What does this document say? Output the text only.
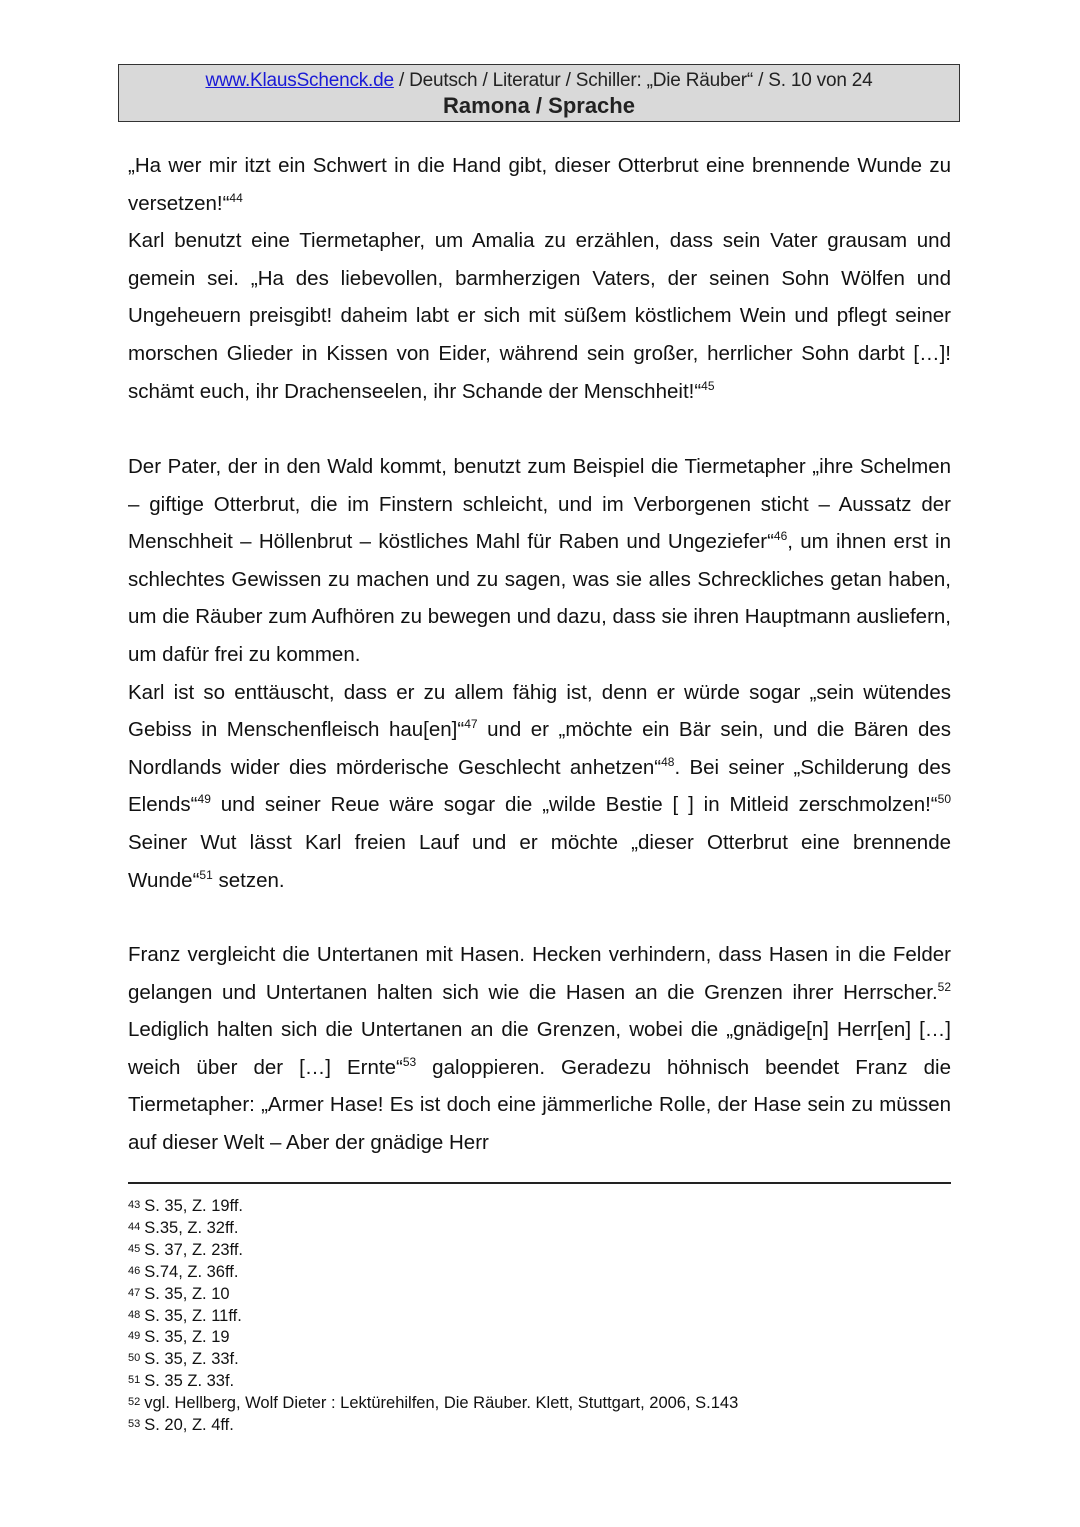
www.KlausSchenck.de / Deutsch / Literatur / Schiller: „Die Räuber“ / S. 10 von 24
Ramona / Sprache

„Ha wer mir itzt ein Schwert in die Hand gibt, dieser Otterbrut eine brennende Wunde zu versetzen!“$^{44}$

Karl benutzt eine Tiermetapher, um Amalia zu erzählen, dass sein Vater grausam und gemein sei. „Ha des liebevollen, barmherzigen Vaters, der seinen Sohn Wölfen und Ungeheuern preisgibt! daheim labt er sich mit süßem köstlichem Wein und pflegt seiner morschen Glieder in Kissen von Eider, während sein großer, herrlicher Sohn darbt […]! schämt euch, ihr Drachenseelen, ihr Schande der Menschheit!“$^{45}$

Der Pater, der in den Wald kommt, benutzt zum Beispiel die Tiermetapher „ihre Schelmen – giftige Otterbrut, die im Finstern schleicht, und im Verborgenen sticht – Aussatz der Menschheit – Höllenbrut – köstliches Mahl für Raben und Ungeziefer“$^{46}$, um ihnen erst in schlechtes Gewissen zu machen und zu sagen, was sie alles Schreckliches getan haben, um die Räuber zum Aufhören zu bewegen und dazu, dass sie ihren Hauptmann ausliefern, um dafür frei zu kommen.

Karl ist so enttäuscht, dass er zu allem fähig ist, denn er würde sogar „sein wütendes Gebiss in Menschenfleisch hau[en]“$^{47}$ und er „möchte ein Bär sein, und die Bären des Nordlands wider dies mörderische Geschlecht anhetzen“$^{48}$. Bei seiner „Schilderung des Elends“$^{49}$ und seiner Reue wäre sogar die „wilde Bestie [ ] in Mitleid zerschmolzen!“$^{50}$ Seiner Wut lässt Karl freien Lauf und er möchte „dieser Otterbrut eine brennende Wunde“$^{51}$ setzen.

Franz vergleicht die Untertanen mit Hasen. Hecken verhindern, dass Hasen in die Felder gelangen und Untertanen halten sich wie die Hasen an die Grenzen ihrer Herrscher.$^{52}$ Lediglich halten sich die Untertanen an die Grenzen, wobei die „gnädige[n] Herr[en] […] weich über der […] Ernte“$^{53}$ galoppieren. Geradezu höhnisch beendet Franz die Tiermetapher: „Armer Hase! Es ist doch eine jämmerliche Rolle, der Hase sein zu müssen auf dieser Welt – Aber der gnädige Herr

43 S. 35, Z. 19ff.
44 S.35, Z. 32ff.
45 S. 37, Z. 23ff.
46 S.74, Z. 36ff.
47 S. 35, Z. 10
48 S. 35, Z. 11ff.
49 S. 35, Z. 19
50 S. 35, Z. 33f.
51 S. 35 Z. 33f.
52 vgl. Hellberg, Wolf Dieter : Lektürehilfen, Die Räuber. Klett, Stuttgart, 2006, S.143
53 S. 20, Z. 4ff.
